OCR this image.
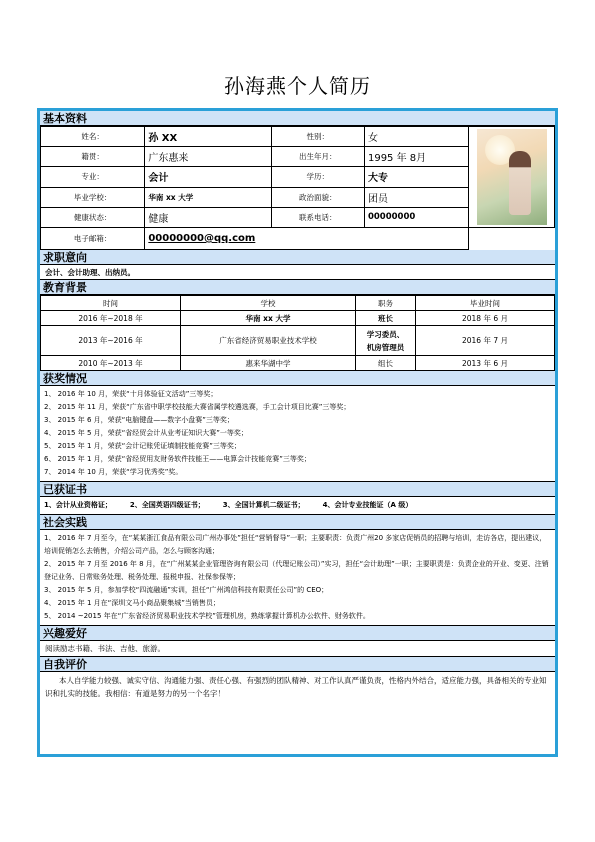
孙海燕个人简历
基本资料
姓名：	孙 XX	性别：	女	

籍贯：	广东惠来	出生年月：	1995 年 8月	
专业：	会计	学历：	大专	
毕业学校：	华南 xx 大学	政治面貌：	团员	
健康状态：	健康	联系电话：	00000000	
电子邮箱：	00000000@qq.com			
求职意向
会计、会计助理、出纳员。
教育背景
时间	学校	职务	毕业时间
2016 年~2018 年	华南 xx 大学	班长	2018 年 6 月
2013 年~2016 年	广东省经济贸易职业技术学校	学习委员、
机房管理员	2016 年 7 月
2010 年~2013 年	惠来华湖中学	组长	2013 年 6 月
获奖情况
1、 2016 年 10 月，荣获“十月体验征文活动”三等奖；
2、 2015 年 11 月，荣获“广东省中职学校技能大赛省属学校遴选赛，手工会计项目比赛”三等奖；
3、 2015 年 6 月，荣获“电脑键盘——数字小盘赛”三等奖；
4、 2015 年 5 月，荣获“省经贸会计从业考证知识大赛”一等奖；
5、 2015 年 1 月，荣获“会计记账凭证填制技能竞赛”三等奖；
6、 2015 年 1 月，荣获“省经贸用友财务软件技能王——电算会计技能竞赛”三等奖；
7、 2014 年 10 月，荣获“学习优秀奖”奖。
已获证书
1、会计从业资格证；	2、全国英语四级证书；	3、全国计算机二级证书；	4、会计专业技能证（A 级）
社会实践
1、 2016 年 7 月至今，在“某某浙江食品有限公司广州办事处”担任“营销督导”一职；主要职责：负责广州20 多家店促销员的招聘与培训，走访各店，提出建议，培训促销怎么去销售，介绍公司产品，怎么与顾客沟通；
2、 2015 年 7 月至 2016 年 8 月，在“广州某某企业管理咨询有限公司（代理记账公司）”实习，担任“会计助理”一职；主要职责是：负责企业的开业、变更、注销登记业务、日常账务处理、税务处理、报税申报、社保参保等；
3、 2015 年 5 月，参加学校“四流融通”实训，担任“广州鸿信科技有限责任公司”的 CEO；
4、 2015 年 1 月在“深圳文马小商品聚集城”当销售员；
5、 2014 ~2015 年在“广东省经济贸易职业技术学校”管理机房，熟练掌握计算机办公软件、财务软件。
兴趣爱好
阅读励志书籍、书法、吉他、旅游。
自我评价
本人自学能力较强、诚实守信、沟通能力强、责任心强、有强烈的团队精神、对工作认真严谨负责，性格内外结合，适应能力强，具备相关的专业知识和扎实的技能。我相信：有道是努力的另一个名字！
